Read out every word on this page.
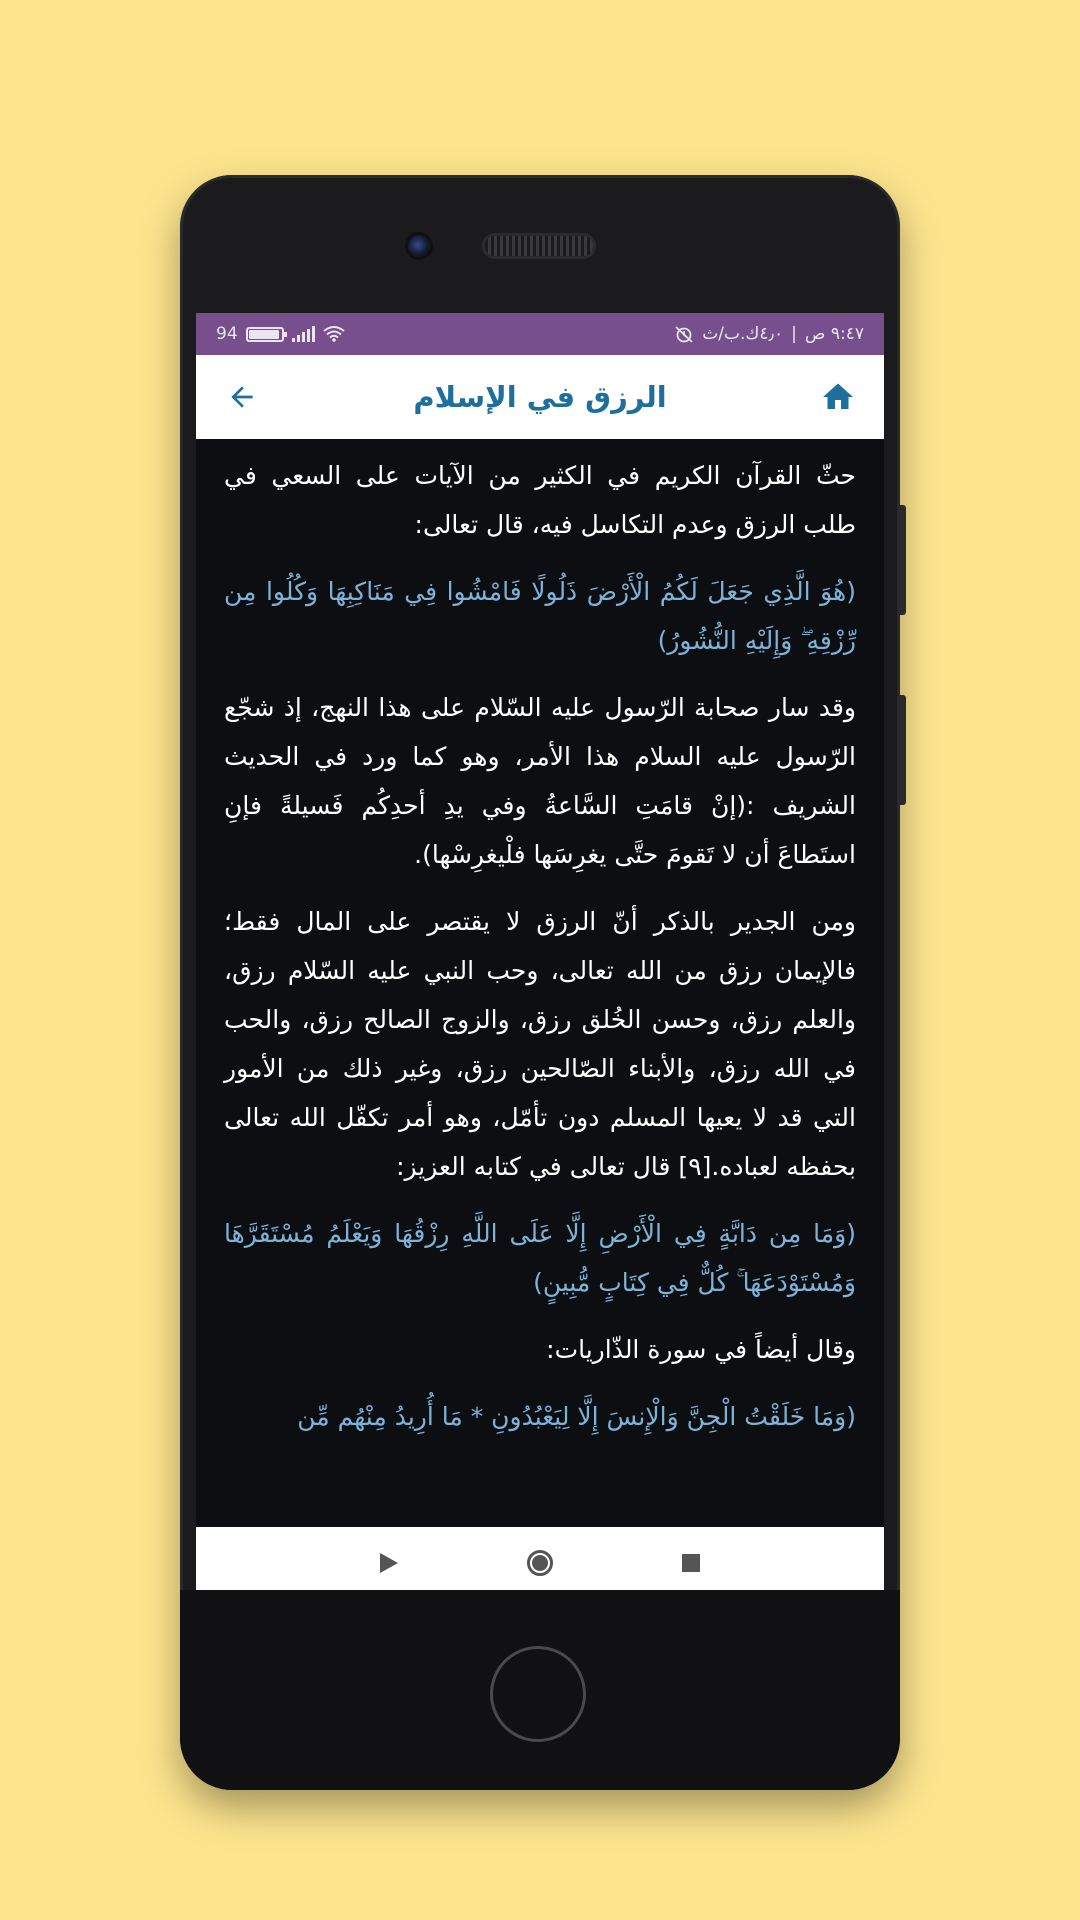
94	٤٫٠ك.ب/ث | ٩:٤٧ ص
الرزق في الإسلام

حثّ القرآن الكريم في الكثير من الآيات على السعي في طلب الرزق وعدم التكاسل فيه، قال تعالى:

(هُوَ الَّذِي جَعَلَ لَكُمُ الْأَرْضَ ذَلُولًا فَامْشُوا فِي مَنَاكِبِهَا وَكُلُوا مِن رِّزْقِهِ ۖ وَإِلَيْهِ النُّشُورُ)

وقد سار صحابة الرّسول عليه السّلام على هذا النهج، إذ شجّع الرّسول عليه السلام هذا الأمر، وهو كما ورد في الحديث الشريف :(إنْ قامَتِ السَّاعةُ وفي يدِ أحدِكُم فَسيلةً فإنِ استَطاعَ أن لا تَقومَ حتَّى يغرِسَها فلْيغرِسْها).

ومن الجدير بالذكر أنّ الرزق لا يقتصر على المال فقط؛ فالإيمان رزق من الله تعالى، وحب النبي عليه السّلام رزق، والعلم رزق، وحسن الخُلق رزق، والزوج الصالح رزق، والحب في الله رزق، والأبناء الصّالحين رزق، وغير ذلك من الأمور التي قد لا يعيها المسلم دون تأمّل، وهو أمر تكفّل الله تعالى بحفظه لعباده.[٩] قال تعالى في كتابه العزيز:

(وَمَا مِن دَابَّةٍ فِي الْأَرْضِ إِلَّا عَلَى اللَّهِ رِزْقُهَا وَيَعْلَمُ مُسْتَقَرَّهَا وَمُسْتَوْدَعَهَا ۚ كُلٌّ فِي كِتَابٍ مُّبِينٍ)

وقال أيضاً في سورة الذّاريات:

(وَمَا خَلَقْتُ الْجِنَّ وَالْإِنسَ إِلَّا لِيَعْبُدُونِ * مَا أُرِيدُ مِنْهُم مِّن
